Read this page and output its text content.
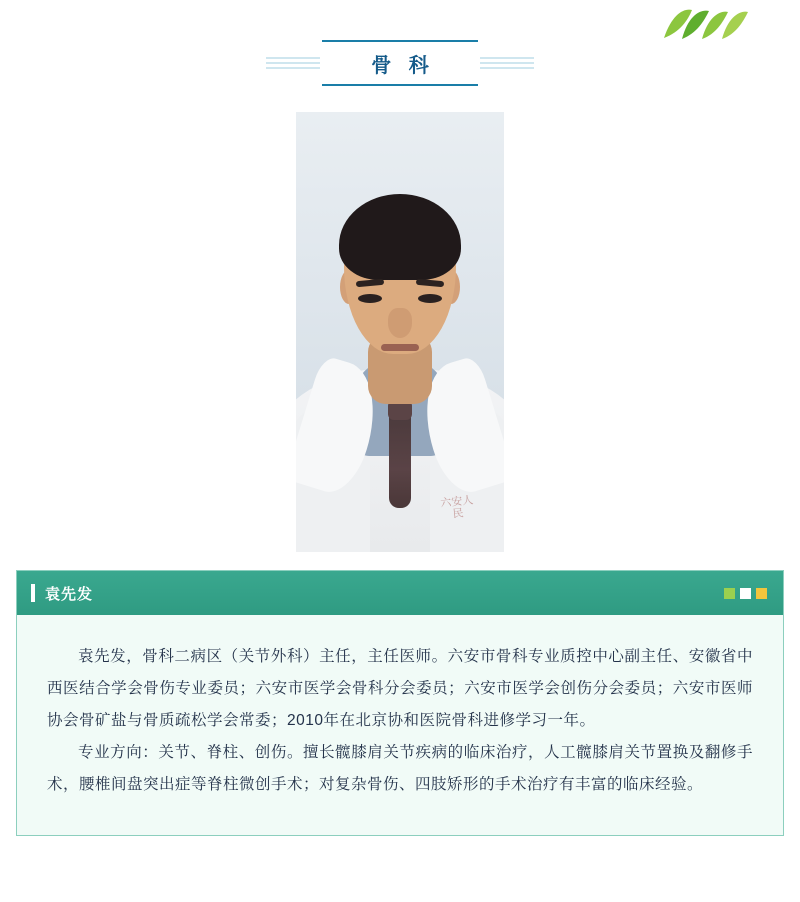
骨 科
六安人民
袁先发

袁先发，骨科二病区（关节外科）主任，主任医师。六安市骨科专业质控中心副主任、安徽省中西医结合学会骨伤专业委员；六安市医学会骨科分会委员；六安市医学会创伤分会委员；六安市医师协会骨矿盐与骨质疏松学会常委；2010年在北京协和医院骨科进修学习一年。

专业方向：关节、脊柱、创伤。擅长髋膝肩关节疾病的临床治疗，人工髋膝肩关节置换及翻修手术，腰椎间盘突出症等脊柱微创手术；对复杂骨伤、四肢矫形的手术治疗有丰富的临床经验。
